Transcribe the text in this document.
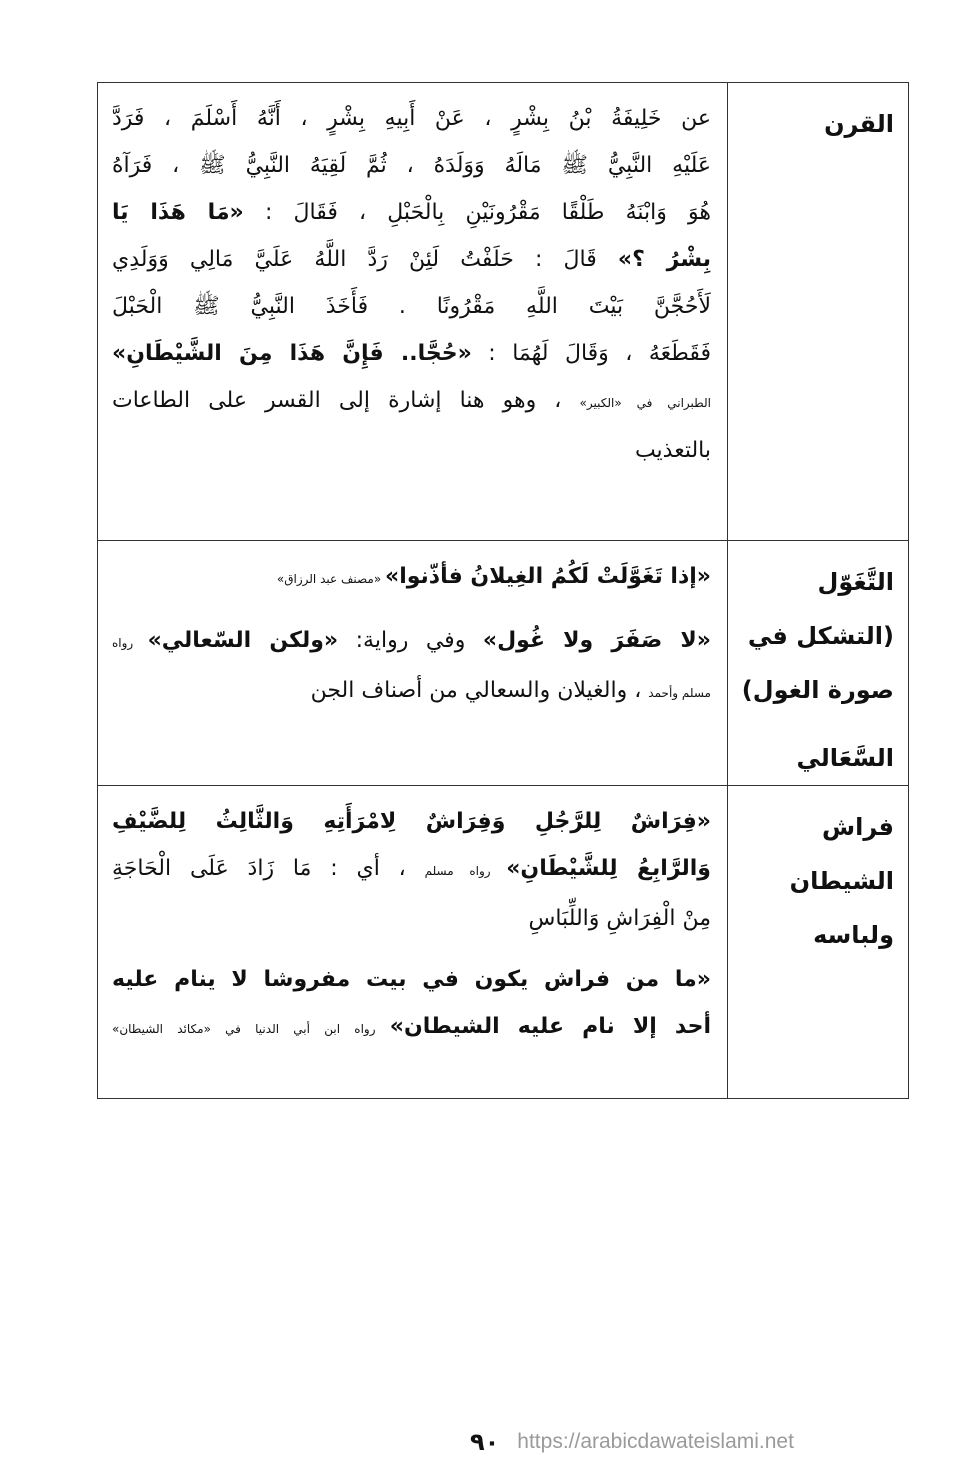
القرن
عن خَلِيفَةُ بْنُ بِشْرٍ ، عَنْ أَبِيهِ بِشْرٍ ، أَنَّهُ أَسْلَمَ ، فَرَدَّ
عَلَيْهِ النَّبِيُّ ﷺ مَالَهُ وَوَلَدَهُ ، ثُمَّ لَقِيَهُ النَّبِيُّ ﷺ ، فَرَآهُ
هُوَ وَابْنَهُ طَلْقًا مَقْرُونَيْنِ بِالْحَبْلِ ، فَقَالَ : «مَا هَذَا يَا
بِشْرُ ؟» قَالَ : حَلَفْتُ لَئِنْ رَدَّ اللَّهُ عَلَيَّ مَالِي وَوَلَدِي
لَأَحُجَّنَّ بَيْتَ اللَّهِ مَقْرُونًا . فَأَخَذَ النَّبِيُّ ﷺ الْحَبْلَ
فَقَطَعَهُ ، وَقَالَ لَهُمَا : «حُجَّا.. فَإِنَّ هَذَا مِنَ الشَّيْطَانِ»
الطبراني في «الكبير» ، وهو هنا إشارة إلى القسر على الطاعات
بالتعذيب
التَّغَوّل
(التشكل في
صورة الغول)
السَّعَالي
«إذا تَغَوَّلَتْ لَكُمُ الغِيلانُ فأذّنوا» «مصنف عبد الرزاق»
«لا صَفَرَ ولا غُول» وفي رواية: «ولكن السّعالي» رواه
مسلم وأحمد ، والغيلان والسعالي من أصناف الجن
فراش
الشيطان
ولباسه
«فِرَاشٌ لِلرَّجُلِ وَفِرَاشٌ لِامْرَأَتِهِ وَالثَّالِثُ لِلضَّيْفِ
وَالرَّابِعُ لِلشَّيْطَانِ» رواه مسلم ، أي : مَا زَادَ عَلَى الْحَاجَةِ
مِنْ الْفِرَاشِ وَاللِّبَاسِ
«ما من فراش يكون في بيت مفروشا لا ينام عليه
أحد إلا نام عليه الشيطان» رواه ابن أبي الدنيا في «مكائد الشيطان»
٩٠ https://arabicdawateislami.net
